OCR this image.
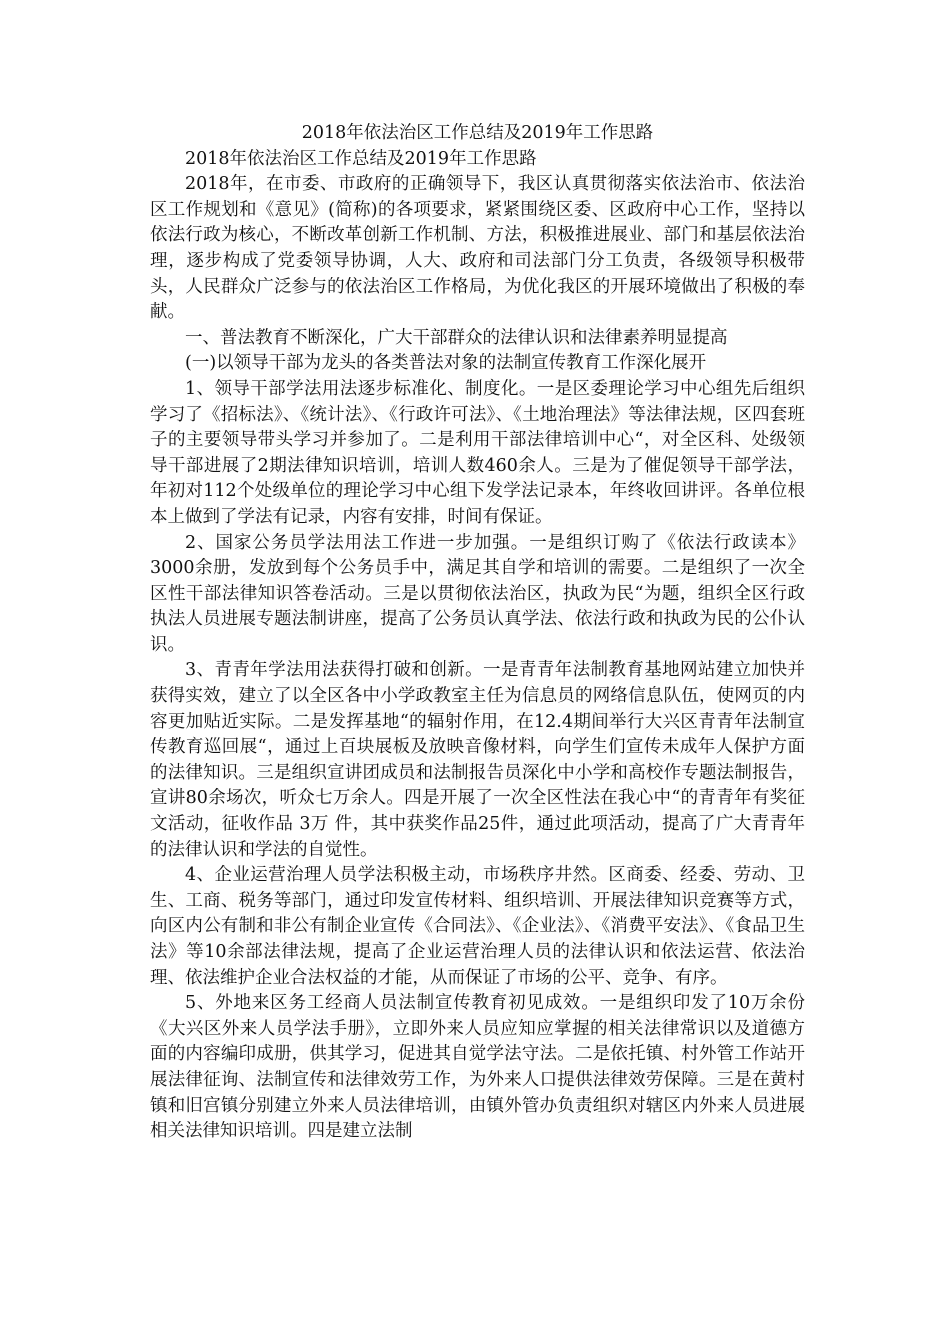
2018年依法治区工作总结及2019年工作思路

2018年依法治区工作总结及2019年工作思路

2018年，在市委、市政府的正确领导下，我区认真贯彻落实依法治市、依法治区工作规划和《意见》(简称)的各项要求，紧紧围绕区委、区政府中心工作，坚持以依法行政为核心，不断改革创新工作机制、方法，积极推进展业、部门和基层依法治理，逐步构成了党委领导协调，人大、政府和司法部门分工负责，各级领导积极带头，人民群众广泛参与的依法治区工作格局，为优化我区的开展环境做出了积极的奉献。

一、普法教育不断深化，广大干部群众的法律认识和法律素养明显提高

(一)以领导干部为龙头的各类普法对象的法制宣传教育工作深化展开

1、领导干部学法用法逐步标准化、制度化。一是区委理论学习中心组先后组织学习了《招标法》、《统计法》、《行政许可法》、《土地治理法》等法律法规，区四套班子的主要领导带头学习并参加了。二是利用干部法律培训中心“，对全区科、处级领导干部进展了2期法律知识培训，培训人数460余人。三是为了催促领导干部学法，年初对112个处级单位的理论学习中心组下发学法记录本，年终收回讲评。各单位根本上做到了学法有记录，内容有安排，时间有保证。

2、国家公务员学法用法工作进一步加强。一是组织订购了《依法行政读本》3000余册，发放到每个公务员手中，满足其自学和培训的需要。二是组织了一次全区性干部法律知识答卷活动。三是以贯彻依法治区，执政为民“为题，组织全区行政执法人员进展专题法制讲座，提高了公务员认真学法、依法行政和执政为民的公仆认识。

3、青青年学法用法获得打破和创新。一是青青年法制教育基地网站建立加快并获得实效，建立了以全区各中小学政教室主任为信息员的网络信息队伍，使网页的内容更加贴近实际。二是发挥基地“的辐射作用，在12.4期间举行大兴区青青年法制宣传教育巡回展“，通过上百块展板及放映音像材料，向学生们宣传未成年人保护方面的法律知识。三是组织宣讲团成员和法制报告员深化中小学和高校作专题法制报告，宣讲80余场次，听众七万余人。四是开展了一次全区性法在我心中“的青青年有奖征文活动，征收作品 3万 件，其中获奖作品25件，通过此项活动，提高了广大青青年的法律认识和学法的自觉性。

4、企业运营治理人员学法积极主动，市场秩序井然。区商委、经委、劳动、卫生、工商、税务等部门，通过印发宣传材料、组织培训、开展法律知识竞赛等方式，向区内公有制和非公有制企业宣传《合同法》、《企业法》、《消费平安法》、《食品卫生法》等10余部法律法规，提高了企业运营治理人员的法律认识和依法运营、依法治理、依法维护企业合法权益的才能，从而保证了市场的公平、竞争、有序。

5、外地来区务工经商人员法制宣传教育初见成效。一是组织印发了10万余份《大兴区外来人员学法手册》，立即外来人员应知应掌握的相关法律常识以及道德方面的内容编印成册，供其学习，促进其自觉学法守法。二是依托镇、村外管工作站开展法律征询、法制宣传和法律效劳工作，为外来人口提供法律效劳保障。三是在黄村镇和旧宫镇分别建立外来人员法律培训，由镇外管办负责组织对辖区内外来人员进展相关法律知识培训。四是建立法制
